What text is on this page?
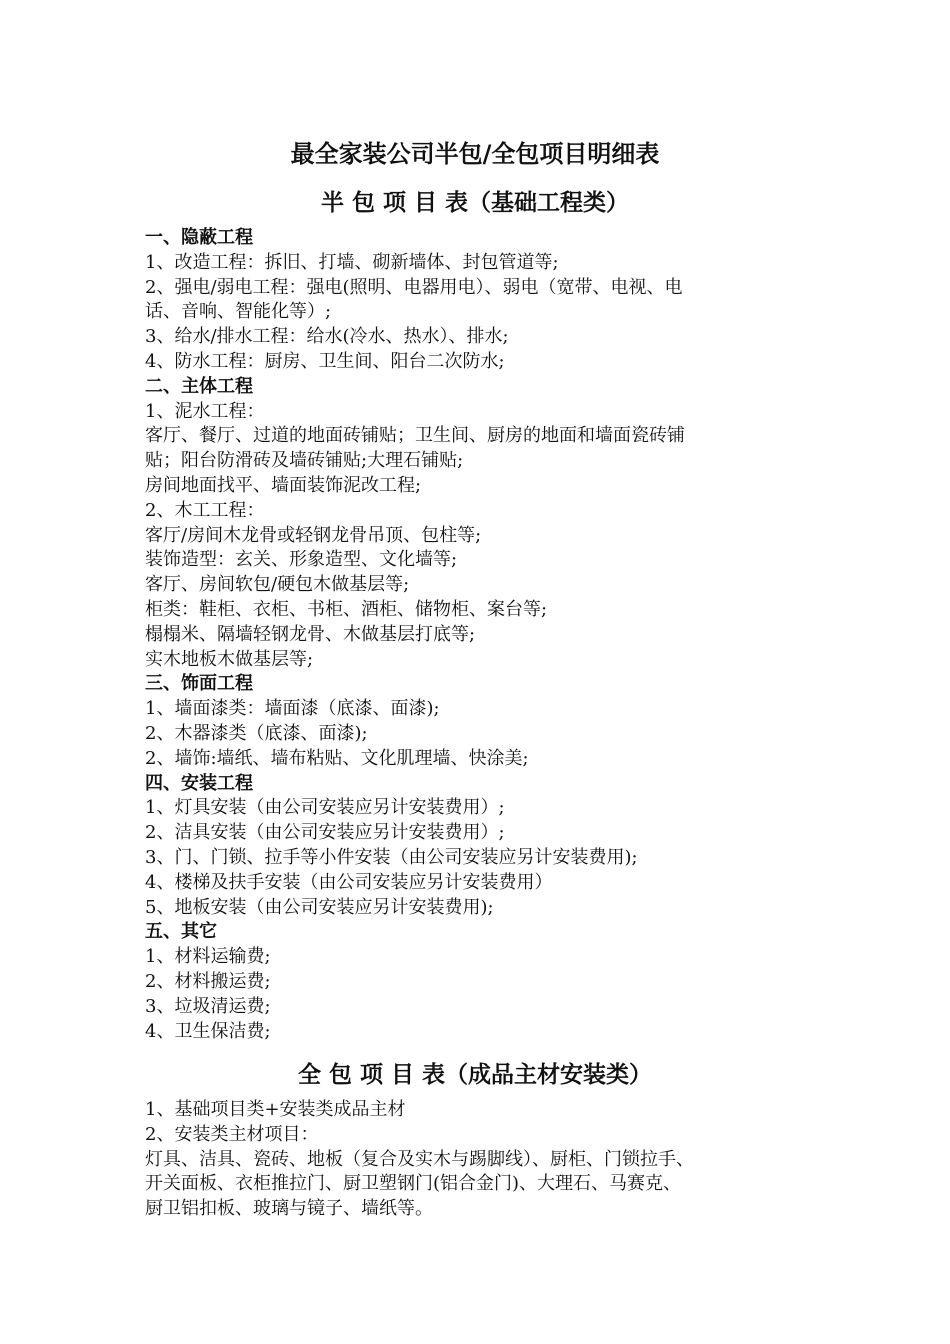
最全家装公司半包/全包项目明细表
半 包 项 目 表（基础工程类）
一、隐蔽工程
1、改造工程：拆旧、打墙、砌新墙体、封包管道等;
2、强电/弱电工程：强电(照明、电器用电）、弱电（宽带、电视、电
话、音响、智能化等）;
3、给水/排水工程：给水(冷水、热水）、排水;
4、防水工程：厨房、卫生间、阳台二次防水;
二、主体工程
1、泥水工程：
客厅、餐厅、过道的地面砖铺贴；卫生间、厨房的地面和墙面瓷砖铺
贴；阳台防滑砖及墙砖铺贴;大理石铺贴;
房间地面找平、墙面装饰泥改工程;
2、木工工程：
客厅/房间木龙骨或轻钢龙骨吊顶、包柱等;
装饰造型：玄关、形象造型、文化墙等;
客厅、房间软包/硬包木做基层等;
柜类：鞋柜、衣柜、书柜、酒柜、储物柜、案台等;
榻榻米、隔墙轻钢龙骨、木做基层打底等;
实木地板木做基层等;
三、饰面工程
1、墙面漆类：墙面漆（底漆、面漆);
2、木器漆类（底漆、面漆);
2、墙饰:墙纸、墙布粘贴、文化肌理墙、快涂美;
四、安装工程
1、灯具安装（由公司安装应另计安装费用）;
2、洁具安装（由公司安装应另计安装费用）;
3、门、门锁、拉手等小件安装（由公司安装应另计安装费用);
4、楼梯及扶手安装（由公司安装应另计安装费用）
5、地板安装（由公司安装应另计安装费用);
五、其它
1、材料运输费;
2、材料搬运费;
3、垃圾清运费;
4、卫生保洁费;
全 包 项 目 表（成品主材安装类）
1、基础项目类+安装类成品主材
2、安装类主材项目：
灯具、洁具、瓷砖、地板（复合及实木与踢脚线）、厨柜、门锁拉手、
开关面板、衣柜推拉门、厨卫塑钢门(铝合金门)、大理石、马赛克、
厨卫铝扣板、玻璃与镜子、墙纸等。
